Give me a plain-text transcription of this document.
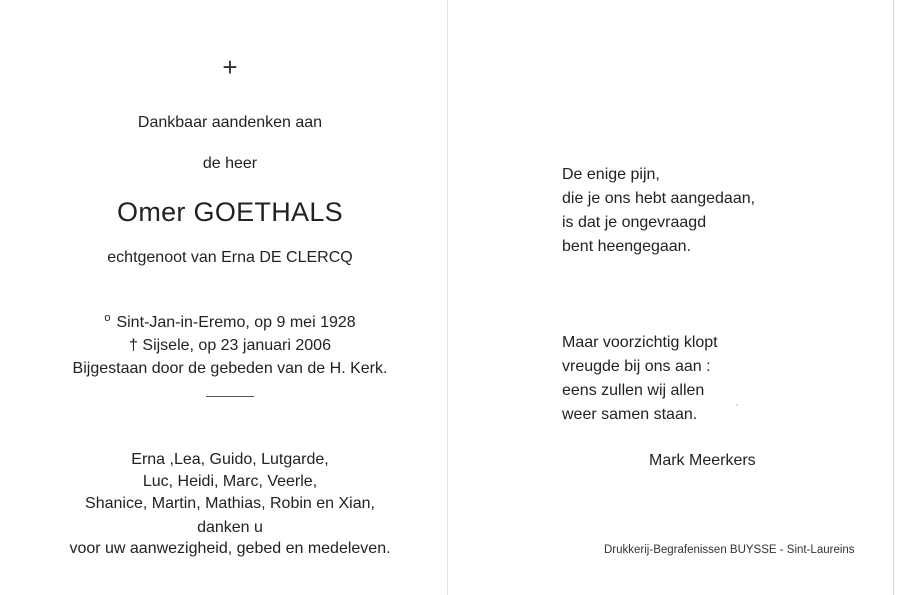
+
Dankbaar aandenken aan
de heer
Omer GOETHALS
echtgenoot van Erna DE CLERCQ
$^o$ Sint-Jan-in-Eremo, op 9 mei 1928
† Sijsele, op 23 januari 2006
Bijgestaan door de gebeden van de H. Kerk.
Erna ,Lea, Guido, Lutgarde,
Luc, Heidi, Marc, Veerle,
Shanice, Martin, Mathias, Robin en Xian,
danken u
voor uw aanwezigheid, gebed en medeleven.
De enige pijn,
die je ons hebt aangedaan,
is dat je ongevraagd
bent heengegaan.
Maar voorzichtig klopt
vreugde bij ons aan :
eens zullen wij allen
weer samen staan.
Mark Meerkers
Drukkerij-Begrafenissen BUYSSE - Sint-Laureins
